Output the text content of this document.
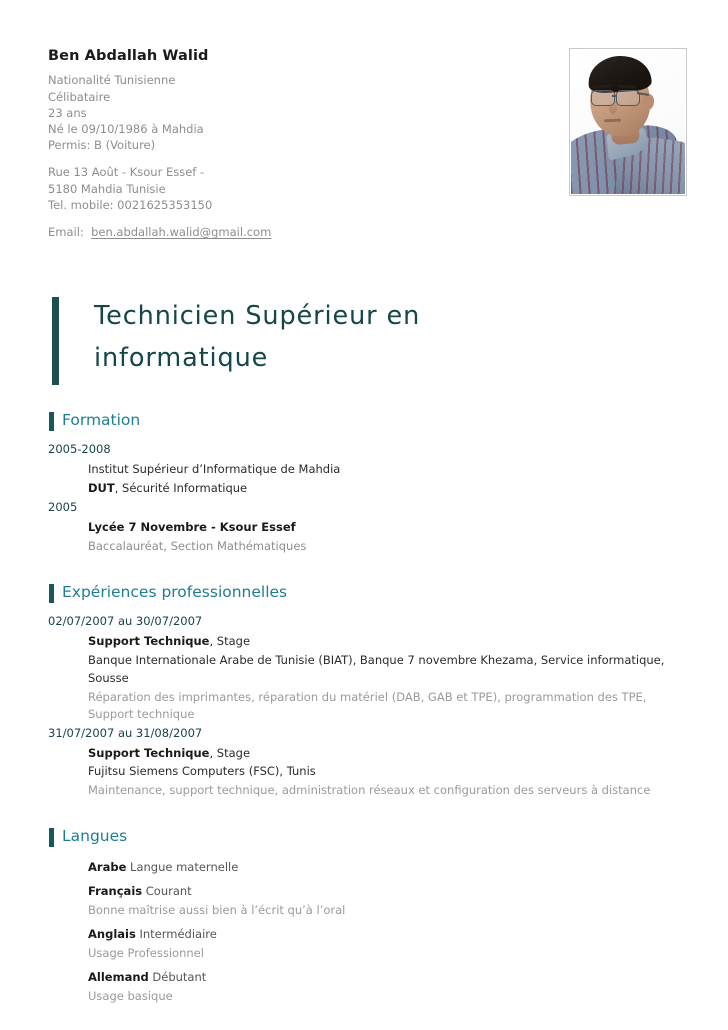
Ben Abdallah Walid
Nationalité Tunisienne
Célibataire
23 ans
Né le 09/10/1986 à Mahdia
Permis: B (Voiture)
Rue 13 Août - Ksour Essef -
5180 Mahdia Tunisie
Tel. mobile: 0021625353150
Email: ben.abdallah.walid@gmail.com
Technicien Supérieur en informatique
Formation

2005-2008

Institut Supérieur d’Informatique de Mahdia

DUT, Sécurité Informatique

2005

Lycée 7 Novembre - Ksour Essef

Baccalauréat, Section Mathématiques

Expériences professionnelles

02/07/2007 au 30/07/2007

Support Technique, Stage

Banque Internationale Arabe de Tunisie (BIAT), Banque 7 novembre Khezama, Service informatique, Sousse

Réparation des imprimantes, réparation du matériel (DAB, GAB et TPE), programmation des TPE, Support technique

31/07/2007 au 31/08/2007

Support Technique, Stage

Fujitsu Siemens Computers (FSC), Tunis

Maintenance, support technique, administration réseaux et configuration des serveurs à distance

Langues

Arabe Langue maternelle

Français Courant

Bonne maîtrise aussi bien à l’écrit qu’à l’oral

Anglais Intermédiaire

Usage Professionnel

Allemand Débutant

Usage basique
